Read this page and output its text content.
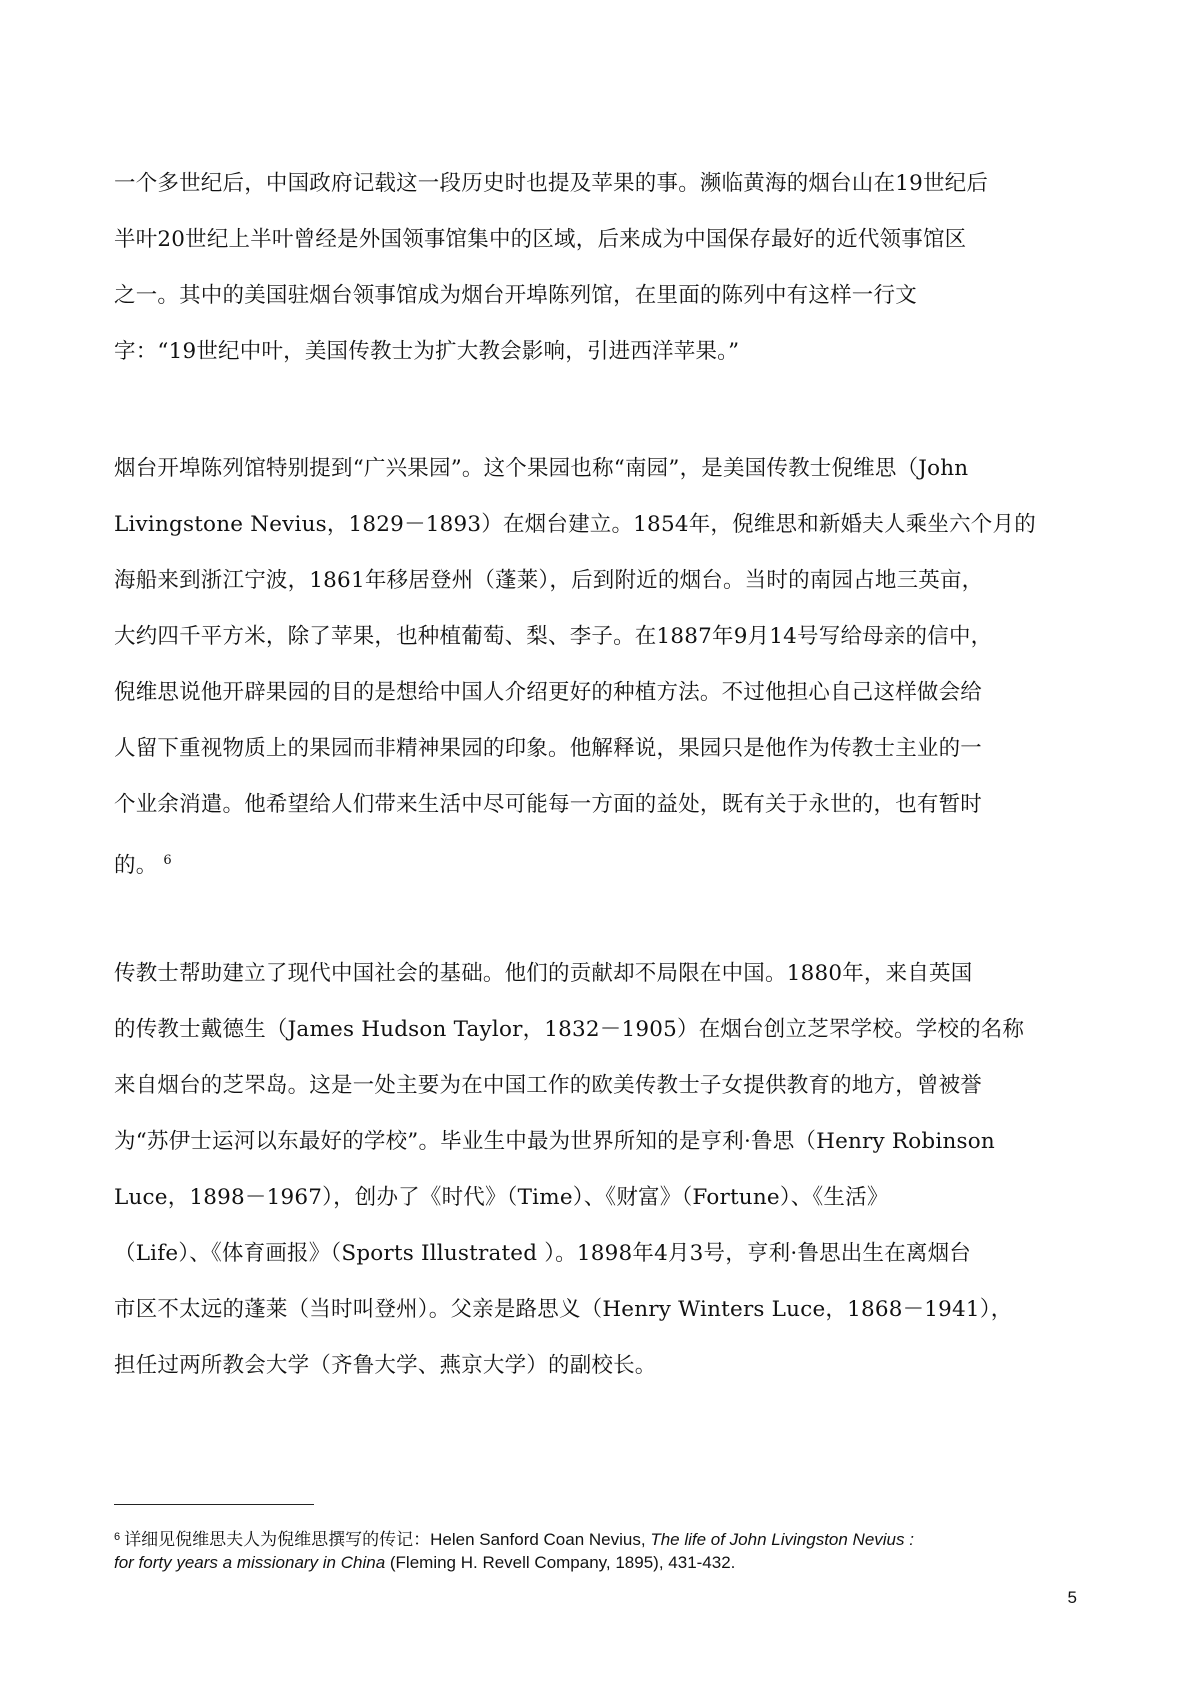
一个多世纪后，中国政府记载这一段历史时也提及苹果的事。濒临黄海的烟台山在19世纪后
半叶20世纪上半叶曾经是外国领事馆集中的区域，后来成为中国保存最好的近代领事馆区
之一。其中的美国驻烟台领事馆成为烟台开埠陈列馆，在里面的陈列中有这样一行文
字：“19世纪中叶，美国传教士为扩大教会影响，引进西洋苹果。”
烟台开埠陈列馆特别提到“广兴果园”。这个果园也称“南园”，是美国传教士倪维思（John
Livingstone Nevius，1829－1893）在烟台建立。1854年，倪维思和新婚夫人乘坐六个月的
海船来到浙江宁波，1861年移居登州（蓬莱），后到附近的烟台。当时的南园占地三英亩，
大约四千平方米，除了苹果，也种植葡萄、梨、李子。在1887年9月14号写给母亲的信中，
倪维思说他开辟果园的目的是想给中国人介绍更好的种植方法。不过他担心自己这样做会给
人留下重视物质上的果园而非精神果园的印象。他解释说，果园只是他作为传教士主业的一
个业余消遣。他希望给人们带来生活中尽可能每一方面的益处，既有关于永世的，也有暂时
的。 $^6$
传教士帮助建立了现代中国社会的基础。他们的贡献却不局限在中国。1880年，来自英国
的传教士戴德生（James Hudson Taylor，1832－1905）在烟台创立芝罘学校。学校的名称
来自烟台的芝罘岛。这是一处主要为在中国工作的欧美传教士子女提供教育的地方，曾被誉
为“苏伊士运河以东最好的学校”。毕业生中最为世界所知的是亨利·鲁思（Henry Robinson
Luce，1898－1967），创办了《时代》（Time）、《财富》（Fortune）、《生活》
（Life）、《体育画报》（Sports Illustrated ）。1898年4月3号，亨利·鲁思出生在离烟台
市区不太远的蓬莱（当时叫登州）。父亲是路思义（Henry Winters Luce，1868－1941），
担任过两所教会大学（齐鲁大学、燕京大学）的副校长。
$^6$ 详细见倪维思夫人为倪维思撰写的传记：Helen Sanford Coan Nevius, The life of John Livingston Nevius :
for forty years a missionary in China (Fleming H. Revell Company, 1895), 431-432.
5
